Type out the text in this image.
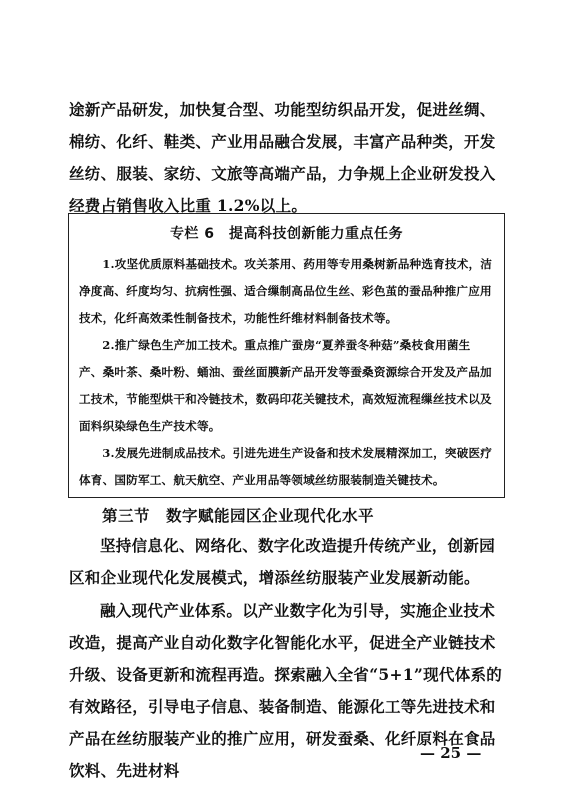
途新产品研发，加快复合型、功能型纺织品开发，促进丝绸、棉纺、化纤、鞋类、产业用品融合发展，丰富产品种类，开发丝纺、服装、家纺、文旅等高端产品，力争规上企业研发投入经费占销售收入比重 1.2%以上。
专栏 6　提高科技创新能力重点任务
1.攻坚优质原料基础技术。攻关茶用、药用等专用桑树新品种选育技术，洁净度高、纤度均匀、抗病性强、适合缫制高品位生丝、彩色茧的蚕品种推广应用技术，化纤高效柔性制备技术，功能性纤维材料制备技术等。
2.推广绿色生产加工技术。重点推广蚕房“夏养蚕冬种菇”桑枝食用菌生产、桑叶茶、桑叶粉、蛹油、蚕丝面膜新产品开发等蚕桑资源综合开发及产品加工技术，节能型烘干和冷链技术，数码印花关键技术，高效短流程缫丝技术以及面料织染绿色生产技术等。
3.发展先进制成品技术。引进先进生产设备和技术发展精深加工，突破医疗体育、国防军工、航天航空、产业用品等领域丝纺服装制造关键技术。
第三节　数字赋能园区企业现代化水平
坚持信息化、网络化、数字化改造提升传统产业，创新园区和企业现代化发展模式，增添丝纺服装产业发展新动能。
融入现代产业体系。以产业数字化为引导，实施企业技术改造，提高产业自动化数字化智能化水平，促进全产业链技术升级、设备更新和流程再造。探索融入全省“5+1”现代体系的有效路径，引导电子信息、装备制造、能源化工等先进技术和产品在丝纺服装产业的推广应用，研发蚕桑、化纤原料在食品饮料、先进材料
— 25 —
